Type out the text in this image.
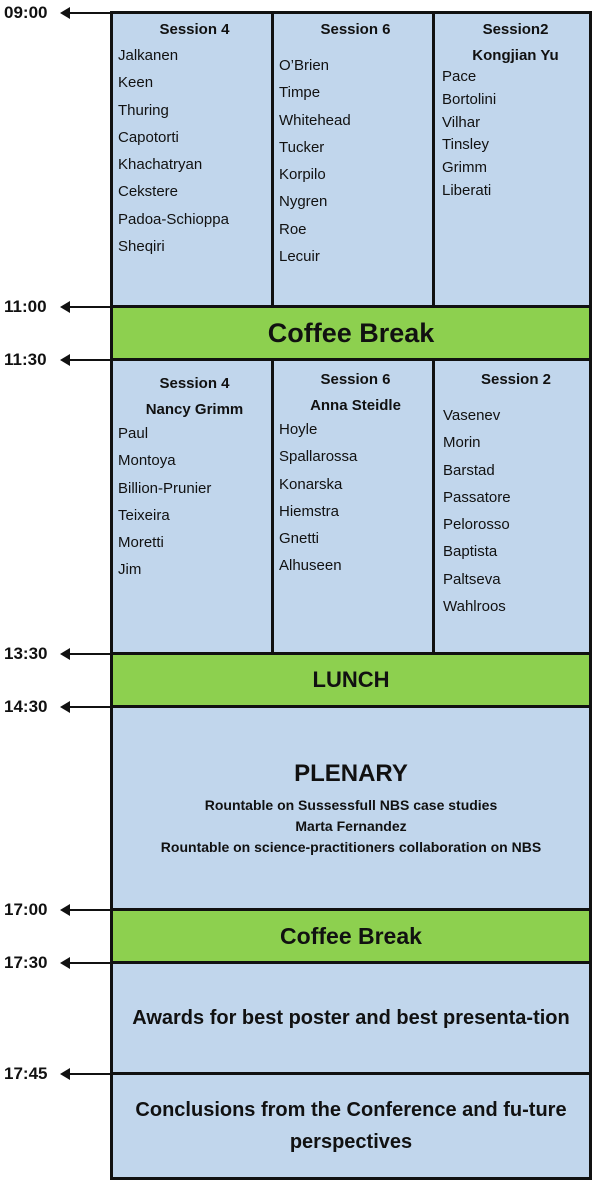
09:00
11:00
11:30
13:30
14:30
17:00
17:30
17:45
Session 4
Jalkanen
Keen
Thuring
Capotorti
Khachatryan
Cekstere
Padoa-Schioppa
Sheqiri
Session 6
O’Brien
Timpe
Whitehead
Tucker
Korpilo
Nygren
Roe
Lecuir
Session2
Kongjian Yu
Pace
Bortolini
Vilhar
Tinsley
Grimm
Liberati
Coffee Break
Session 4
Nancy Grimm
Paul
Montoya
Billion-Prunier
Teixeira
Moretti
Jim
Session 6
Anna Steidle
Hoyle
Spallarossa
Konarska
Hiemstra
Gnetti
Alhuseen
Session 2
Vasenev
Morin
Barstad
Passatore
Pelorosso
Baptista
Paltseva
Wahlroos
LUNCH
PLENARY
Rountable on Sussessfull NBS case studies
Marta Fernandez
Rountable on science-practitioners collaboration on NBS
Coffee Break
Awards for best poster and best presenta-tion
Conclusions from the Conference and fu-ture perspectives
